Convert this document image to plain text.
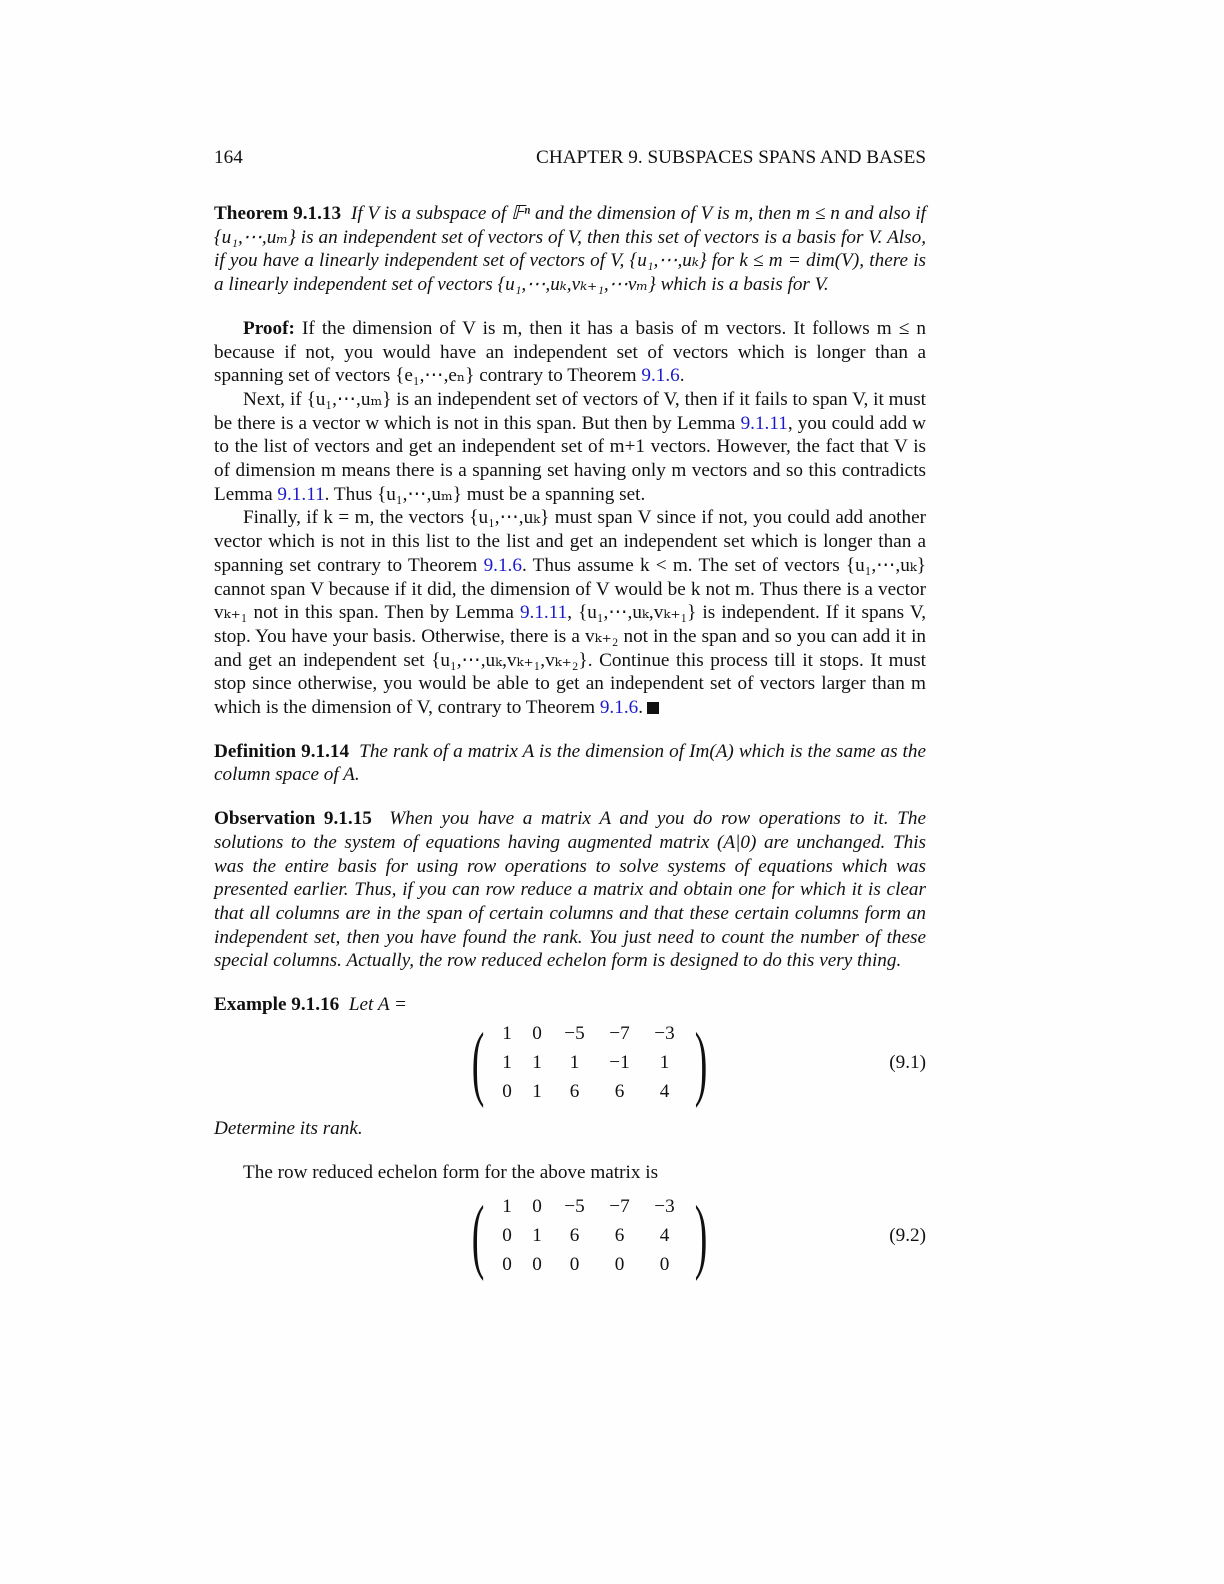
164	CHAPTER 9. SUBSPACES SPANS AND BASES

Theorem 9.1.13 If V is a subspace of 𝔽ⁿ and the dimension of V is m, then m ≤ n and also if {u₁,⋯,uₘ} is an independent set of vectors of V, then this set of vectors is a basis for V. Also, if you have a linearly independent set of vectors of V, {u₁,⋯,uₖ} for k ≤ m = dim(V), there is a linearly independent set of vectors {u₁,⋯,uₖ,vₖ₊₁,⋯vₘ} which is a basis for V.

Proof: If the dimension of V is m, then it has a basis of m vectors. It follows m ≤ n because if not, you would have an independent set of vectors which is longer than a spanning set of vectors {e₁,⋯,eₙ} contrary to Theorem 9.1.6.

Next, if {u₁,⋯,uₘ} is an independent set of vectors of V, then if it fails to span V, it must be there is a vector w which is not in this span. But then by Lemma 9.1.11, you could add w to the list of vectors and get an independent set of m+1 vectors. However, the fact that V is of dimension m means there is a spanning set having only m vectors and so this contradicts Lemma 9.1.11. Thus {u₁,⋯,uₘ} must be a spanning set.

Finally, if k = m, the vectors {u₁,⋯,uₖ} must span V since if not, you could add another vector which is not in this list to the list and get an independent set which is longer than a spanning set contrary to Theorem 9.1.6. Thus assume k < m. The set of vectors {u₁,⋯,uₖ} cannot span V because if it did, the dimension of V would be k not m. Thus there is a vector vₖ₊₁ not in this span. Then by Lemma 9.1.11, {u₁,⋯,uₖ,vₖ₊₁} is independent. If it spans V, stop. You have your basis. Otherwise, there is a vₖ₊₂ not in the span and so you can add it in and get an independent set {u₁,⋯,uₖ,vₖ₊₁,vₖ₊₂}. Continue this process till it stops. It must stop since otherwise, you would be able to get an independent set of vectors larger than m which is the dimension of V, contrary to Theorem 9.1.6.

Definition 9.1.14 The rank of a matrix A is the dimension of Im(A) which is the same as the column space of A.

Observation 9.1.15 When you have a matrix A and you do row operations to it. The solutions to the system of equations having augmented matrix (A|0) are unchanged. This was the entire basis for using row operations to solve systems of equations which was presented earlier. Thus, if you can row reduce a matrix and obtain one for which it is clear that all columns are in the span of certain columns and that these certain columns form an independent set, then you have found the rank. You just need to count the number of these special columns. Actually, the row reduced echelon form is designed to do this very thing.

Example 9.1.16 Let A =

( 1	0	−5	−7	−3
1	1	1	−1	1
0	1	6	6	4 )	(9.1)

Determine its rank.

The row reduced echelon form for the above matrix is

( 1	0	−5	−7	−3
0	1	6	6	4
0	0	0	0	0 )	(9.2)
